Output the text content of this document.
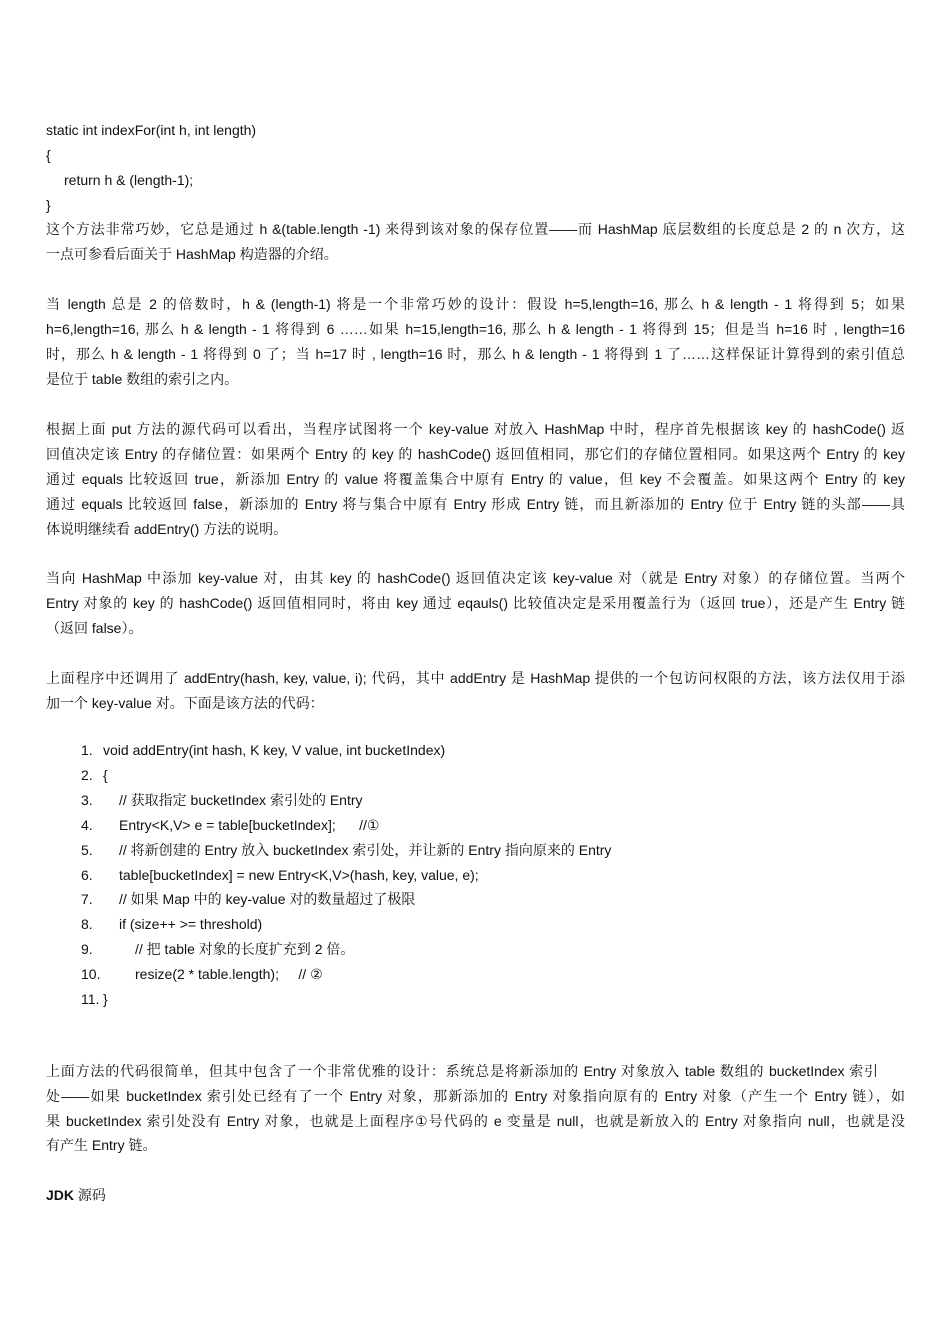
static int indexFor(int h, int length)
{
return h & (length-1);
}
这个方法非常巧妙，它总是通过 h &(table.length -1) 来得到该对象的保存位置——而 HashMap 底层数组的长度总是 2 的 n 次方，这
一点可参看后面关于 HashMap 构造器的介绍。
当 length 总是 2 的倍数时，h & (length-1) 将是一个非常巧妙的设计：假设 h=5,length=16, 那么 h & length - 1 将得到 5；如果
h=6,length=16, 那么 h & length - 1 将得到 6 ……如果 h=15,length=16, 那么 h & length - 1 将得到 15；但是当 h=16 时 , length=16
时，那么 h & length - 1 将得到 0 了；当 h=17 时 , length=16 时，那么 h & length - 1 将得到 1 了……这样保证计算得到的索引值总
是位于 table 数组的索引之内。
根据上面 put 方法的源代码可以看出，当程序试图将一个 key-value 对放入 HashMap 中时，程序首先根据该 key 的 hashCode() 返
回值决定该 Entry 的存储位置：如果两个 Entry 的 key 的 hashCode() 返回值相同，那它们的存储位置相同。如果这两个 Entry 的 key
通过 equals 比较返回 true，新添加 Entry 的 value 将覆盖集合中原有 Entry 的 value，但 key 不会覆盖。如果这两个 Entry 的 key
通过 equals 比较返回 false，新添加的 Entry 将与集合中原有 Entry 形成 Entry 链，而且新添加的 Entry 位于 Entry 链的头部——具
体说明继续看 addEntry() 方法的说明。
当向 HashMap 中添加 key-value 对，由其 key 的 hashCode() 返回值决定该 key-value 对（就是 Entry 对象）的存储位置。当两个
Entry 对象的 key 的 hashCode() 返回值相同时，将由 key 通过 eqauls() 比较值决定是采用覆盖行为（返回 true），还是产生 Entry 链
（返回 false）。
上面程序中还调用了 addEntry(hash, key, value, i); 代码，其中 addEntry 是 HashMap 提供的一个包访问权限的方法，该方法仅用于添
加一个 key-value 对。下面是该方法的代码：
1. void addEntry(int hash, K key, V value, int bucketIndex)
2. {
3. // 获取指定 bucketIndex 索引处的 Entry
4. Entry<K,V> e = table[bucketIndex];      //①
5. // 将新创建的 Entry 放入 bucketIndex 索引处，并让新的 Entry 指向原来的 Entry
6. table[bucketIndex] = new Entry<K,V>(hash, key, value, e);
7. // 如果 Map 中的 key-value 对的数量超过了极限
8. if (size++ >= threshold)
9.	// 把 table 对象的长度扩充到 2 倍。
10. resize(2 * table.length);     // ②
11. }
上面方法的代码很简单，但其中包含了一个非常优雅的设计：系统总是将新添加的 Entry 对象放入 table 数组的 bucketIndex 索引
处——如果 bucketIndex 索引处已经有了一个 Entry 对象，那新添加的 Entry 对象指向原有的 Entry 对象（产生一个 Entry 链），如
果 bucketIndex 索引处没有 Entry 对象，也就是上面程序①号代码的 e 变量是 null，也就是新放入的 Entry 对象指向 null，也就是没
有产生 Entry 链。
JDK 源码
